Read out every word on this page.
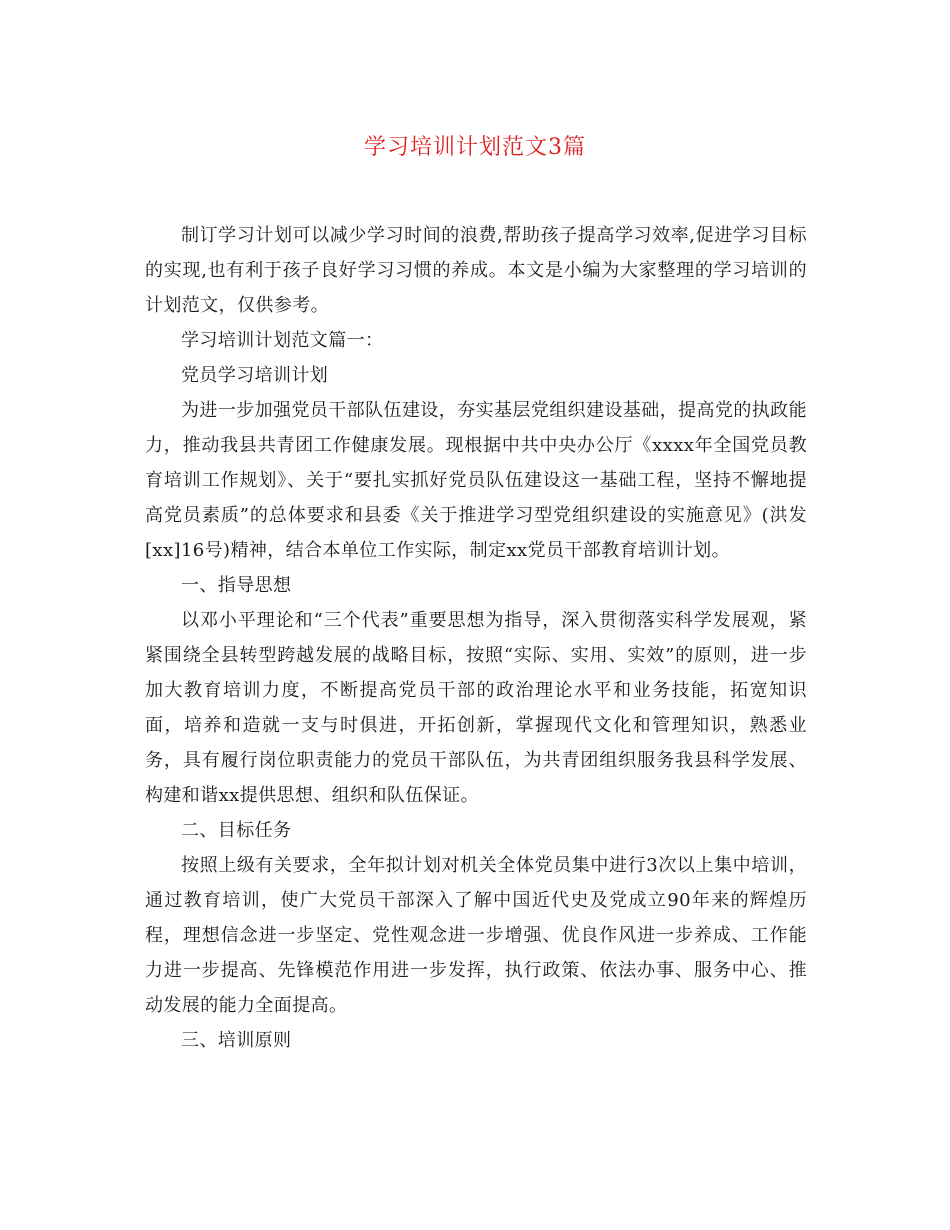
学习培训计划范文3篇

制订学习计划可以减少学习时间的浪费,帮助孩子提高学习效率,促进学习目标的实现,也有利于孩子良好学习习惯的养成。本文是小编为大家整理的学习培训的计划范文，仅供参考。

学习培训计划范文篇一：

党员学习培训计划

为进一步加强党员干部队伍建设，夯实基层党组织建设基础，提高党的执政能力，推动我县共青团工作健康发展。现根据中共中央办公厅《xxxx年全国党员教育培训工作规划》、关于“要扎实抓好党员队伍建设这一基础工程，坚持不懈地提高党员素质”的总体要求和县委《关于推进学习型党组织建设的实施意见》(洪发[xx]16号)精神，结合本单位工作实际，制定xx党员干部教育培训计划。

一、指导思想

以邓小平理论和“三个代表”重要思想为指导，深入贯彻落实科学发展观，紧紧围绕全县转型跨越发展的战略目标，按照“实际、实用、实效”的原则，进一步加大教育培训力度，不断提高党员干部的政治理论水平和业务技能，拓宽知识面，培养和造就一支与时俱进，开拓创新，掌握现代文化和管理知识，熟悉业务，具有履行岗位职责能力的党员干部队伍，为共青团组织服务我县科学发展、构建和谐xx提供思想、组织和队伍保证。

二、目标任务

按照上级有关要求，全年拟计划对机关全体党员集中进行3次以上集中培训，通过教育培训，使广大党员干部深入了解中国近代史及党成立90年来的辉煌历程，理想信念进一步坚定、党性观念进一步增强、优良作风进一步养成、工作能力进一步提高、先锋模范作用进一步发挥，执行政策、依法办事、服务中心、推动发展的能力全面提高。

三、培训原则
